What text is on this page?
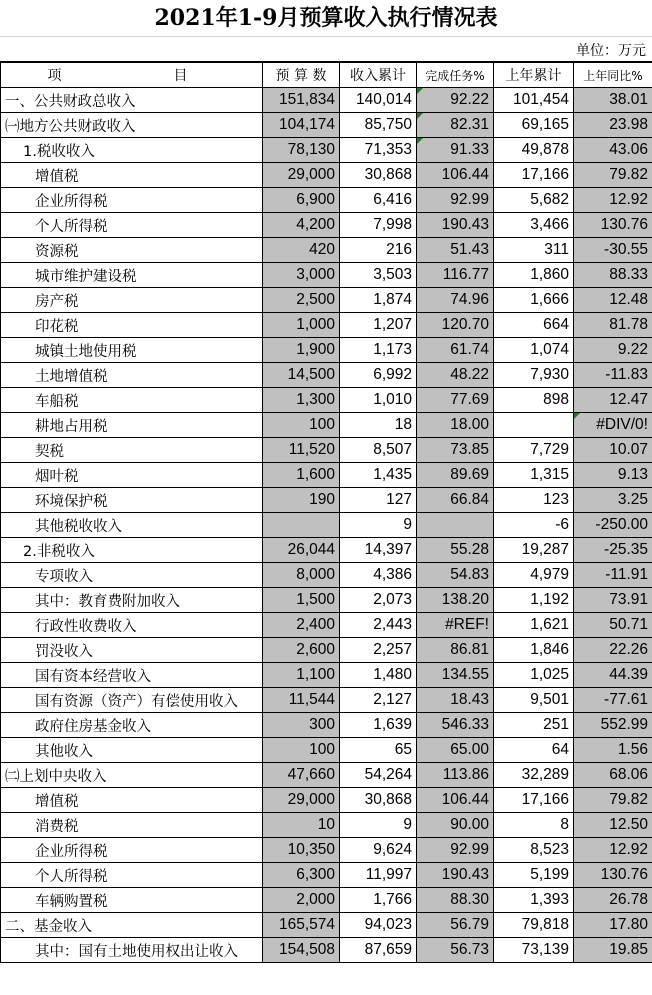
2021年1-9月预算收入执行情况表
单位：万元
项　　目	预 算 数	收入累计	完成任务%	上年累计	上年同比%
一、公共财政总收入	151,834	140,014	92.22	101,454	38.01
㈠地方公共财政收入	104,174	85,750	82.31	69,165	23.98
1.税收收入	78,130	71,353	91.33	49,878	43.06
增值税	29,000	30,868	106.44	17,166	79.82
企业所得税	6,900	6,416	92.99	5,682	12.92
个人所得税	4,200	7,998	190.43	3,466	130.76
资源税	420	216	51.43	311	-30.55
城市维护建设税	3,000	3,503	116.77	1,860	88.33
房产税	2,500	1,874	74.96	1,666	12.48
印花税	1,000	1,207	120.70	664	81.78
城镇土地使用税	1,900	1,173	61.74	1,074	9.22
土地增值税	14,500	6,992	48.22	7,930	-11.83
车船税	1,300	1,010	77.69	898	12.47
耕地占用税	100	18	18.00		#DIV/0!
契税	11,520	8,507	73.85	7,729	10.07
烟叶税	1,600	1,435	89.69	1,315	9.13
环境保护税	190	127	66.84	123	3.25
其他税收收入		9		-6	-250.00
2.非税收入	26,044	14,397	55.28	19,287	-25.35
专项收入	8,000	4,386	54.83	4,979	-11.91
其中：教育费附加收入	1,500	2,073	138.20	1,192	73.91
行政性收费收入	2,400	2,443	#REF!	1,621	50.71
罚没收入	2,600	2,257	86.81	1,846	22.26
国有资本经营收入	1,100	1,480	134.55	1,025	44.39
国有资源（资产）有偿使用收入	11,544	2,127	18.43	9,501	-77.61
政府住房基金收入	300	1,639	546.33	251	552.99
其他收入	100	65	65.00	64	1.56
㈡上划中央收入	47,660	54,264	113.86	32,289	68.06
增值税	29,000	30,868	106.44	17,166	79.82
消费税	10	9	90.00	8	12.50
企业所得税	10,350	9,624	92.99	8,523	12.92
个人所得税	6,300	11,997	190.43	5,199	130.76
车辆购置税	2,000	1,766	88.30	1,393	26.78
二、基金收入	165,574	94,023	56.79	79,818	17.80
其中：国有土地使用权出让收入	154,508	87,659	56.73	73,139	19.85
